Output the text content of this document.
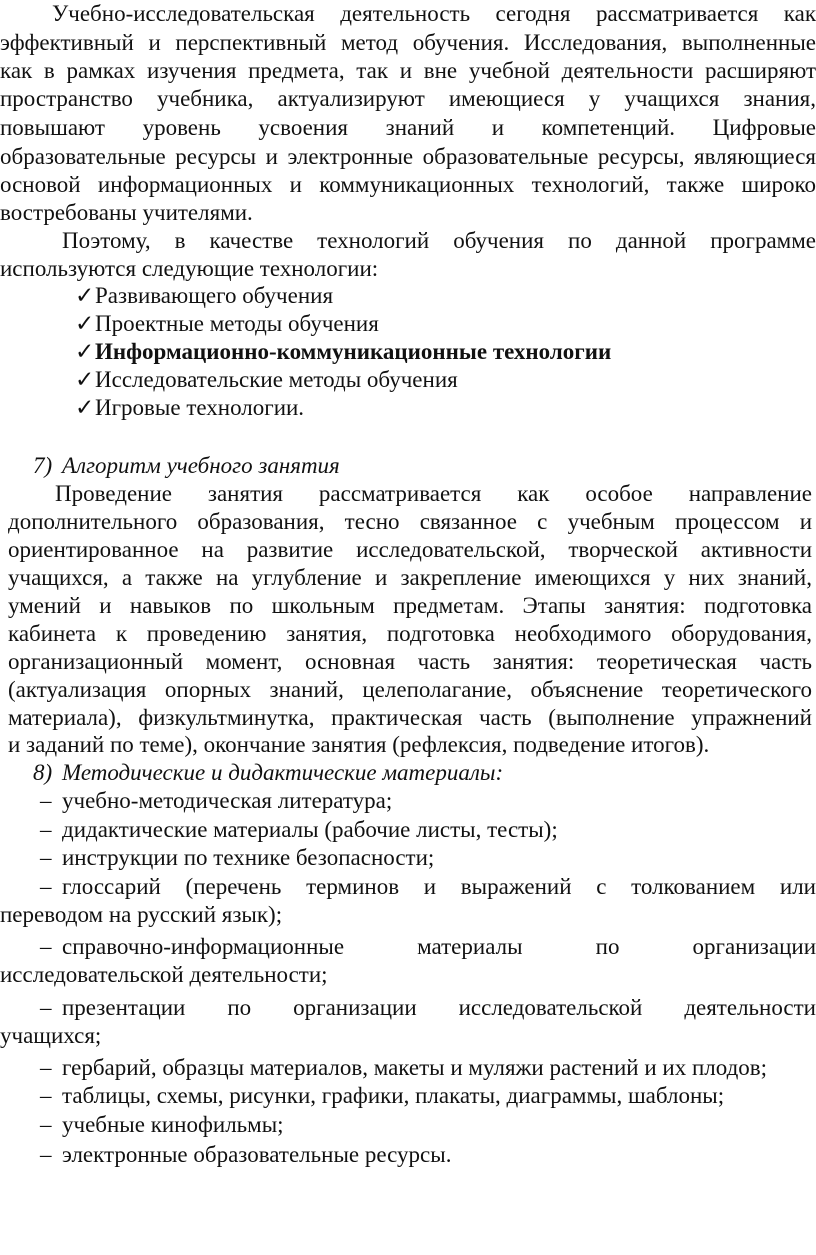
Учебно-исследовательская деятельность сегодня рассматривается как
эффективный и перспективный метод обучения. Исследования, выполненные
как в рамках изучения предмета, так и вне учебной деятельности расширяют
пространство учебника, актуализируют имеющиеся у учащихся знания,
повышают уровень усвоения знаний и компетенций. Цифровые
образовательные ресурсы и электронные образовательные ресурсы, являющиеся
основой информационных и коммуникационных технологий, также широко
востребованы учителями.
Поэтому, в качестве технологий обучения по данной программе
используются следующие технологии:
✓ Развивающего обучения
✓ Проектные методы обучения
✓ Информационно-коммуникационные технологии
✓ Исследовательские методы обучения
✓ Игровые технологии.
7) Алгоритм учебного занятия
Проведение занятия рассматривается как особое направление
дополнительного образования, тесно связанное с учебным процессом и
ориентированное на развитие исследовательской, творческой активности
учащихся, а также на углубление и закрепление имеющихся у них знаний,
умений и навыков по школьным предметам. Этапы занятия: подготовка
кабинета к проведению занятия, подготовка необходимого оборудования,
организационный момент, основная часть занятия: теоретическая часть
(актуализация опорных знаний, целеполагание, объяснение теоретического
материала), физкультминутка, практическая часть (выполнение упражнений
и заданий по теме), окончание занятия (рефлексия, подведение итогов).
8) Методические и дидактические материалы:
– учебно-методическая литература;
– дидактические материалы (рабочие листы, тесты);
– инструкции по технике безопасности;
– глоссарий (перечень терминов и выражений с толкованием или
переводом на русский язык);
– справочно-информационные материалы по организации
исследовательской деятельности;
– презентации по организации исследовательской деятельности
учащихся;
– гербарий, образцы материалов, макеты и муляжи растений и их плодов;
– таблицы, схемы, рисунки, графики, плакаты, диаграммы, шаблоны;
– учебные кинофильмы;
– электронные образовательные ресурсы.
